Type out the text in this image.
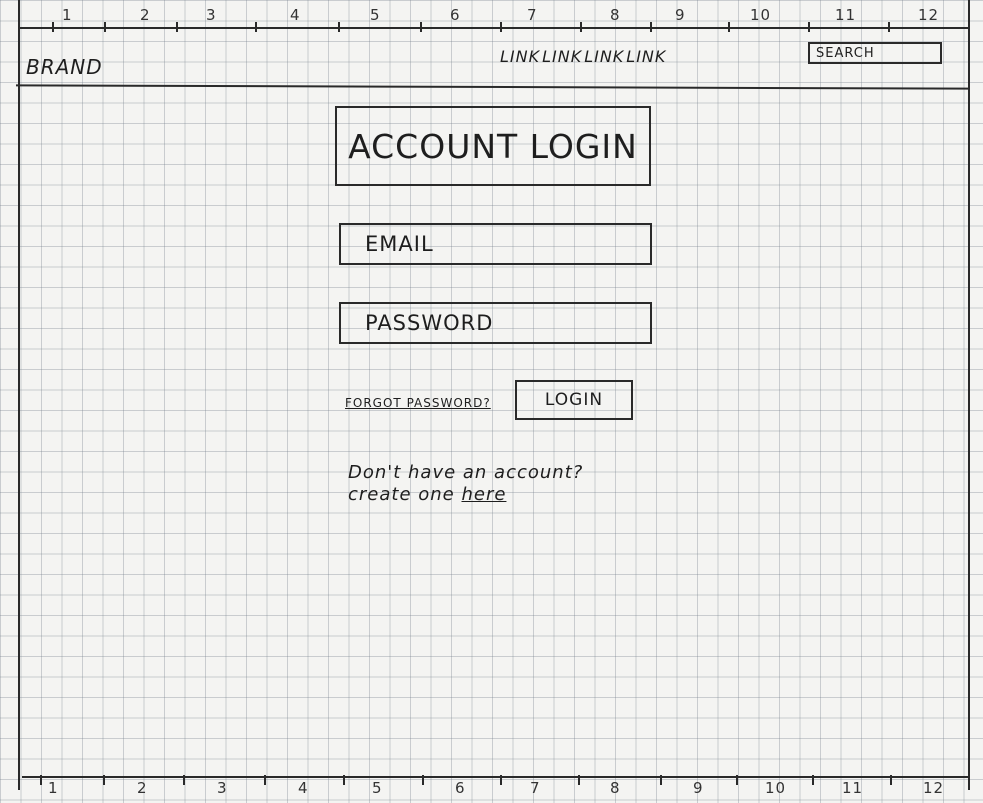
1	2	3	4	5	6	7	8	9	10	11	12
BRAND	LINK LINK LINK LINK	SEARCH
ACCOUNT LOGIN
EMAIL
PASSWORD
FORGOT PASSWORD?	LOGIN
Don't have an account?
create one here
1	2	3	4	5	6	7	8	9	10	11	12
